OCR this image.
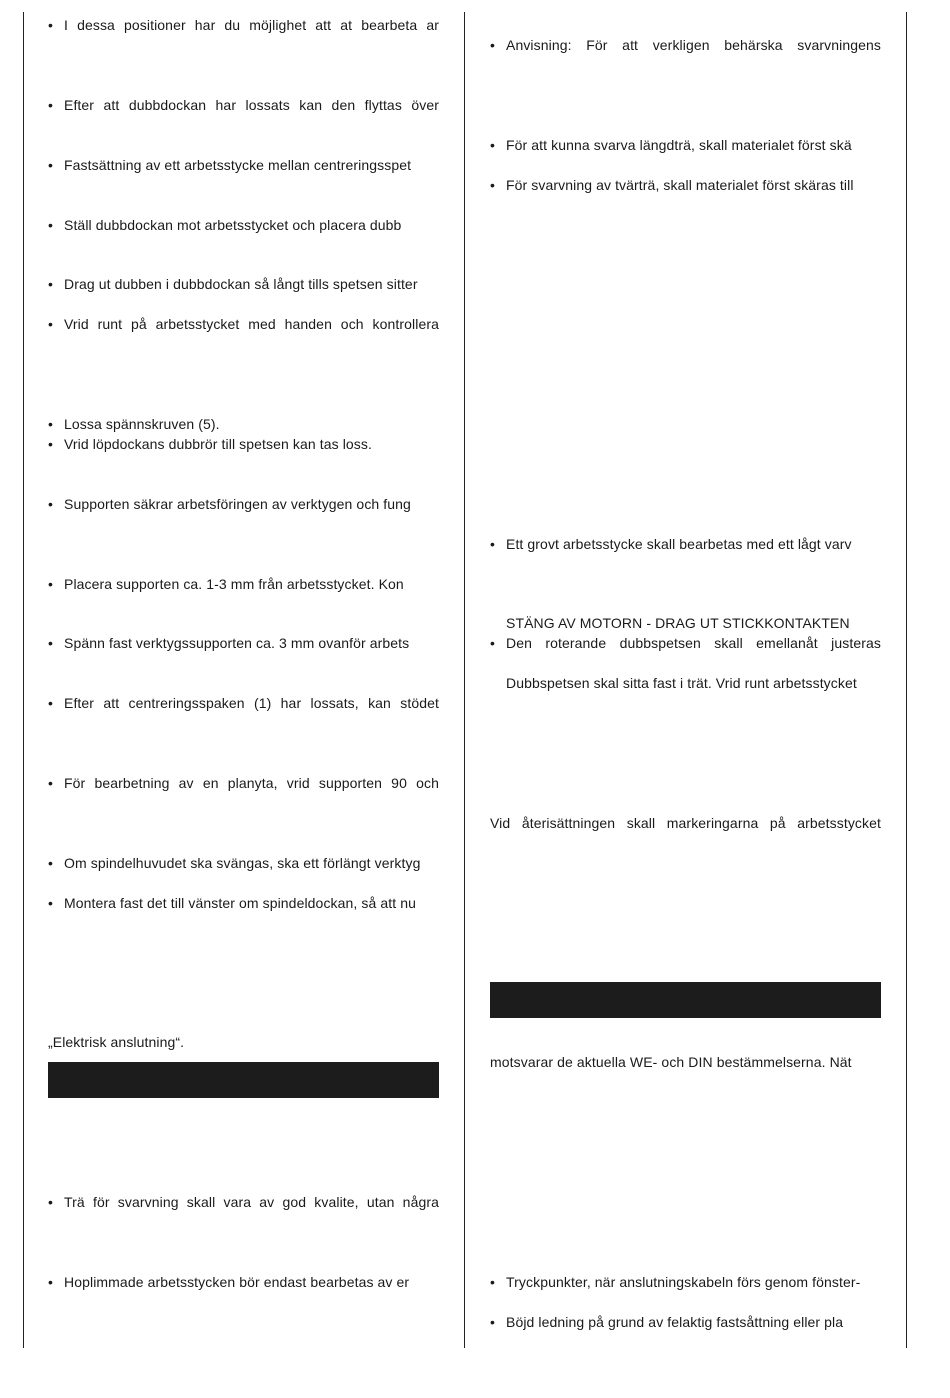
• I dessa positioner har du möjlighet att at bearbeta ar
• Efter att dubbdockan har lossats kan den flyttas över
• Fastsättning av ett arbetsstycke mellan centreringsspet
• Ställ dubbdockan mot arbetsstycket och placera dubb
• Drag ut dubben i dubbdockan så långt tills spetsen sitter
• Vrid runt på arbetsstycket med handen och kontrollera
• Lossa spännskruven (5).
• Vrid löpdockans dubbrör till spetsen kan tas loss.
• Supporten säkrar arbetsföringen av verktygen och fung
• Placera supporten ca. 1-3 mm från arbetsstycket. Kon
• Spänn fast verktygssupporten ca. 3 mm ovanför arbets
• Efter att centreringsspaken (1) har lossats, kan stödet
• För bearbetning av en planyta, vrid supporten 90 och
• Om spindelhuvudet ska svängas, ska ett förlängt verktyg
• Montera fast det till vänster om spindeldockan, så att nu
„Elektrisk anslutning“.
• Trä för svarvning skall vara av god kvalite, utan några
• Hoplimmade arbetsstycken bör endast bearbetas av er
• Anvisning: För att verkligen behärska svarvningens
• För att kunna svarva längdträ, skall materialet först skä
• För svarvning av tvärträ, skall materialet först skäras till
• Ett grovt arbetsstycke skall bearbetas med ett lågt varv
STÄNG AV MOTORN - DRAG UT STICKKONTAKTEN
• Den roterande dubbspetsen skall emellanåt justeras
Dubbspetsen skal sitta fast i trät. Vrid runt arbetsstycket
Vid återisättningen skall markeringarna på arbetsstycket
motsvarar de aktuella WE- och DIN bestämmelserna. Nät
• Tryckpunkter, när anslutningskabeln förs genom fönster-
• Böjd ledning på grund av felaktig fastsåttning eller pla
